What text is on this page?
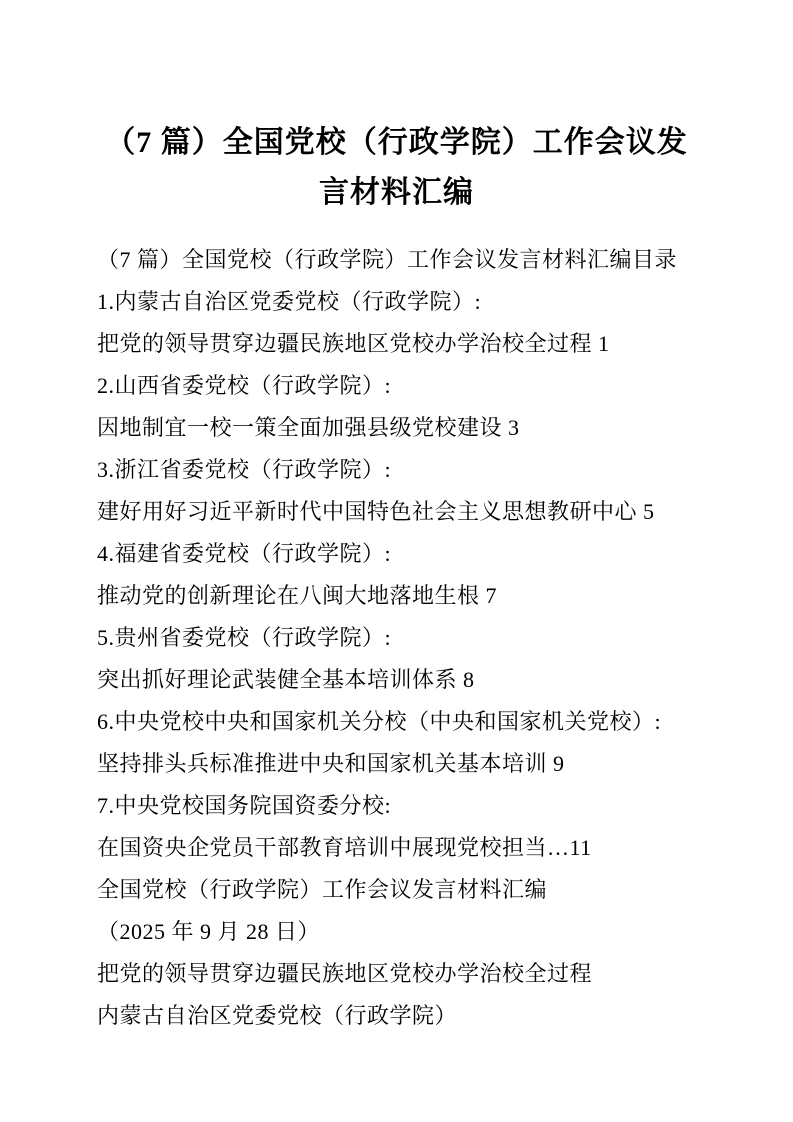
（7 篇）全国党校（行政学院）工作会议发言材料汇编

（7 篇）全国党校（行政学院）工作会议发言材料汇编目录

1.内蒙古自治区党委党校（行政学院）:

把党的领导贯穿边疆民族地区党校办学治校全过程 1

2.山西省委党校（行政学院）:

因地制宜一校一策全面加强县级党校建设 3

3.浙江省委党校（行政学院）:

建好用好习近平新时代中国特色社会主义思想教研中心 5

4.福建省委党校（行政学院）:

推动党的创新理论在八闽大地落地生根 7

5.贵州省委党校（行政学院）:

突出抓好理论武装健全基本培训体系 8

6.中央党校中央和国家机关分校（中央和国家机关党校）:

坚持排头兵标准推进中央和国家机关基本培训 9

7.中央党校国务院国资委分校:

在国资央企党员干部教育培训中展现党校担当…11

全国党校（行政学院）工作会议发言材料汇编

（2025 年 9 月 28 日）

把党的领导贯穿边疆民族地区党校办学治校全过程

内蒙古自治区党委党校（行政学院）
